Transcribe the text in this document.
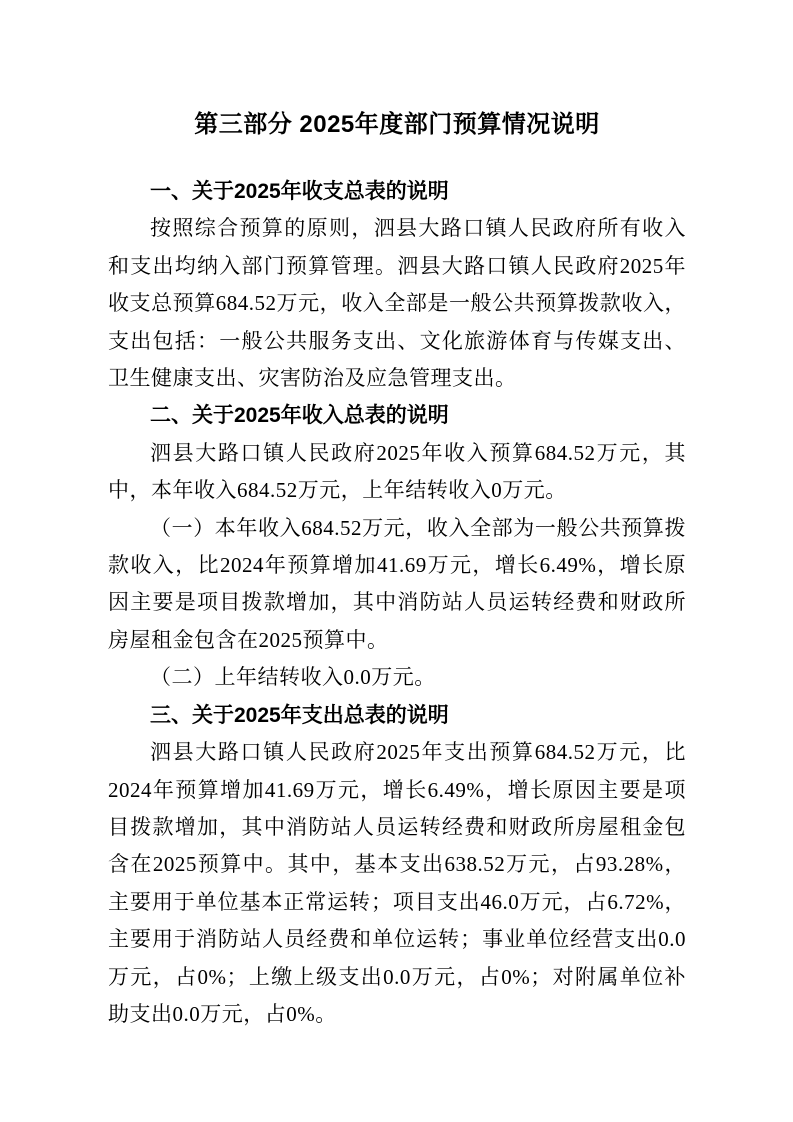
第三部分 2025年度部门预算情况说明
一、关于2025年收支总表的说明

按照综合预算的原则，泗县大路口镇人民政府所有收入和支出均纳入部门预算管理。泗县大路口镇人民政府2025年收支总预算684.52万元，收入全部是一般公共预算拨款收入，支出包括：一般公共服务支出、文化旅游体育与传媒支出、卫生健康支出、灾害防治及应急管理支出。

二、关于2025年收入总表的说明

泗县大路口镇人民政府2025年收入预算684.52万元，其中，本年收入684.52万元，上年结转收入0万元。

（一）本年收入684.52万元，收入全部为一般公共预算拨款收入，比2024年预算增加41.69万元，增长6.49%，增长原因主要是项目拨款增加，其中消防站人员运转经费和财政所房屋租金包含在2025预算中。

（二）上年结转收入0.0万元。

三、关于2025年支出总表的说明

泗县大路口镇人民政府2025年支出预算684.52万元，比2024年预算增加41.69万元，增长6.49%，增长原因主要是项目拨款增加，其中消防站人员运转经费和财政所房屋租金包含在2025预算中。其中，基本支出638.52万元，占93.28%，主要用于单位基本正常运转；项目支出46.0万元，占6.72%，主要用于消防站人员经费和单位运转；事业单位经营支出0.0万元，占0%；上缴上级支出0.0万元，占0%；对附属单位补助支出0.0万元，占0%。
